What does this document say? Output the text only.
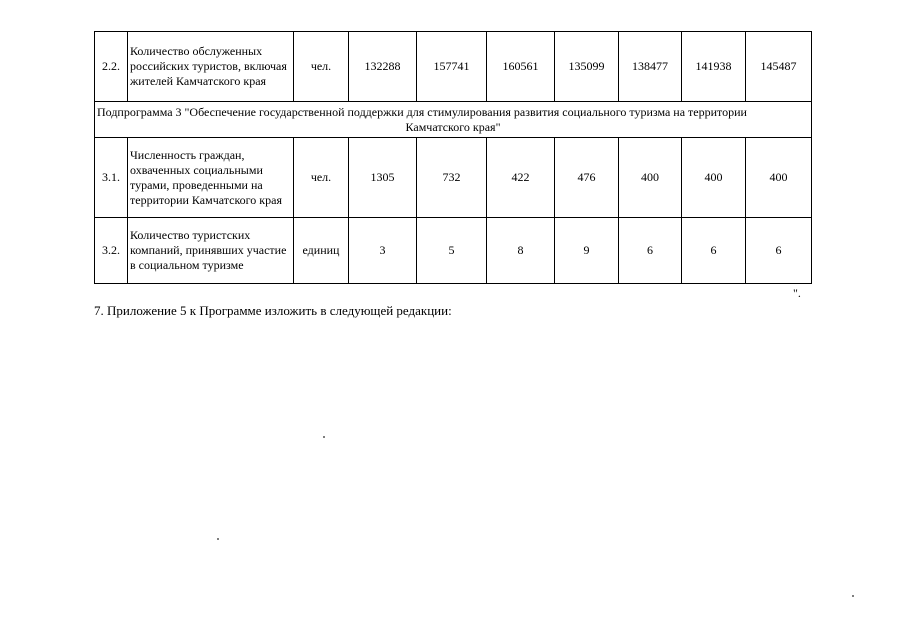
2.2.	Количество обслуженных российских туристов, включая жителей Камчатского края	чел.	132288	157741	160561	135099	138477	141938	145487

Подпрограмма 3 "Обеспечение государственной поддержки для стимулирования развития социального туризма на территории
Камчатского края"									

3.1.	Численность граждан, охваченных социальными турами, проведенными на территории Камчатского края	чел.	1305	732	422	476	400	400	400
3.2.	Количество туристских компаний, принявших участие в социальном туризме	единиц	3	5	8	9	6	6	6
".
7. Приложение 5 к Программе изложить в следующей редакции:
